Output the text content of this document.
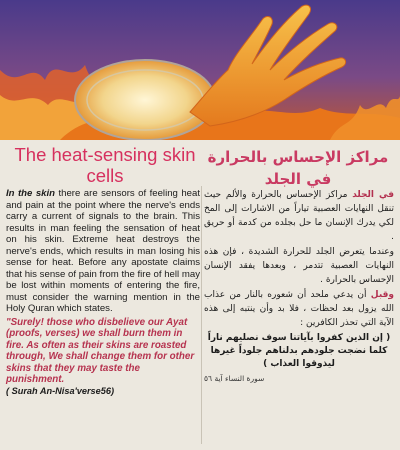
The heat-sensing skin
cells
مراكز الإحساس بالحرارة
في الجلد

In the skin there are sensors of feeling heat and pain at the point where the nerve's ends carry a current of signals to the brain. This results in man feeling the sensation of heat on his skin. Extreme heat destroys the nerve's ends, which results in man losing his sense for heat. Before any apostate claims that his sense of pain from the fire of hell may be lost within moments of entering the fire, must consider the warning mention in the Holy Quran which states.

"Surely! those who disbelieve our Ayat (proofs, verses) we shall burn them in fire. As often as their skins are roasted through, We shall change them for other skins that they may taste the punishment.
( Surah An-Nisa'verse56)

في الجلد مراكز الإحساس بالحرارة والألم حيث تنقل النهايات العصبية تياراً من الاشارات إلى المخ لكي يدرك الإنسان ما حل بجلده من كدمة أو حريق .

وعندما يتعرض الجلد للحرارة الشديدة ، فإن هذه النهايات العصبية تتدمر ، وبعدها يفقد الإنسان الإحساس بالحرارة .

وقبل أن يدعي ملحد أن شعوره بالنار من عذاب الله يزول بعد لحظات ، فلا بد وأن ينتبه إلى هذه الآية التي تحذر الكافرين :

( إن الذين كفروا بآياتنا سوف نصليهم ناراً كلما نضجت جلودهم بدلناهم جلوداً غيرها ليذوقوا العذاب )

سورة النساء آية ٥٦
